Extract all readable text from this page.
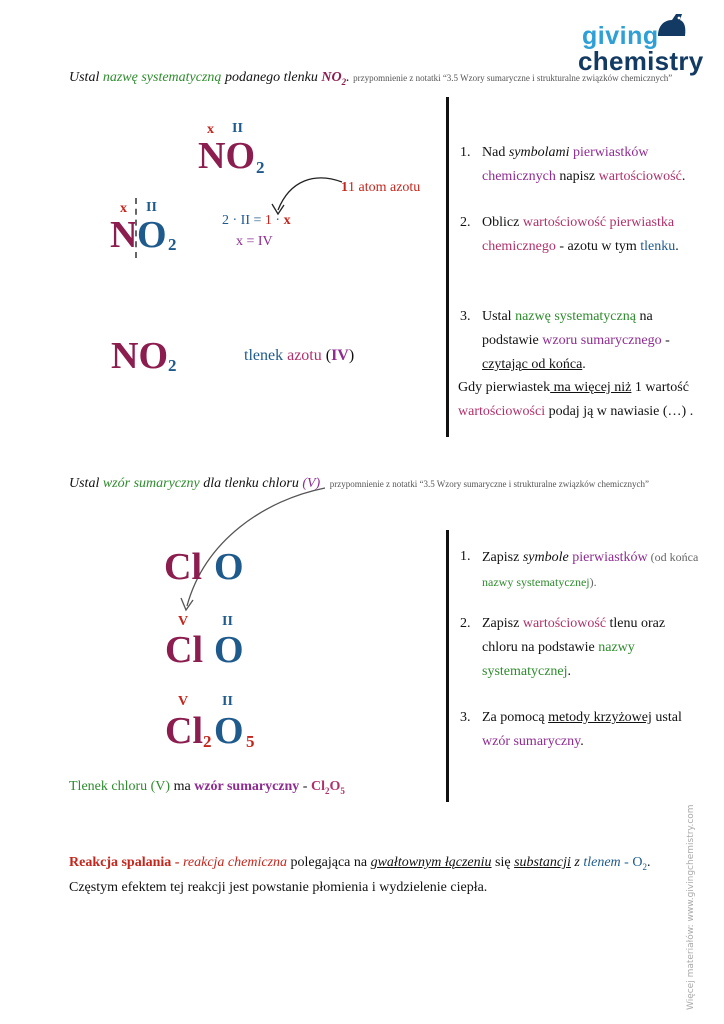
giving
chemistry
Ustal nazwę systematyczną podanego tlenku $NO_2$. przypomnienie z notatki “3.5 Wzory sumaryczne i strukturalne związków chemicznych”
x II
NO 2
11 atom azotu
x II
N O 2
2 · II = 1 · x
x = IV
NO 2
tlenek azotu (IV)
1. Nad symbolami pierwiastków chemicznych napisz wartościowość.
2. Oblicz wartościowość pierwiastka chemicznego - azotu w tym tlenku.
3. Ustal nazwę systematyczną na podstawie wzoru sumarycznego - czytając od końca.
Gdy pierwiastek ma więcej niż 1 wartość
wartościowości podaj ją w nawiasie (…) .
Ustal wzór sumaryczny dla tlenku chloru (V) przypomnienie z notatki “3.5 Wzory sumaryczne i strukturalne związków chemicznych”
Cl O
V II
Cl O
V II
Cl 2 O 5
Tlenek chloru (V) ma wzór sumaryczny - $Cl_2O_5$
1. Zapisz symbole pierwiastków (od końca nazwy systematycznej).
2. Zapisz wartościowość tlenu oraz chloru na podstawie nazwy systematycznej.
3. Za pomocą metody krzyżowej ustal wzór sumaryczny.
Reakcja spalania - reakcja chemiczna polegająca na gwałtownym łączeniu się substancji z tlenem - $O_2$.
Częstym efektem tej reakcji jest powstanie płomienia i wydzielenie ciepła.	Więcej materiałów: www.givingchemistry.com
